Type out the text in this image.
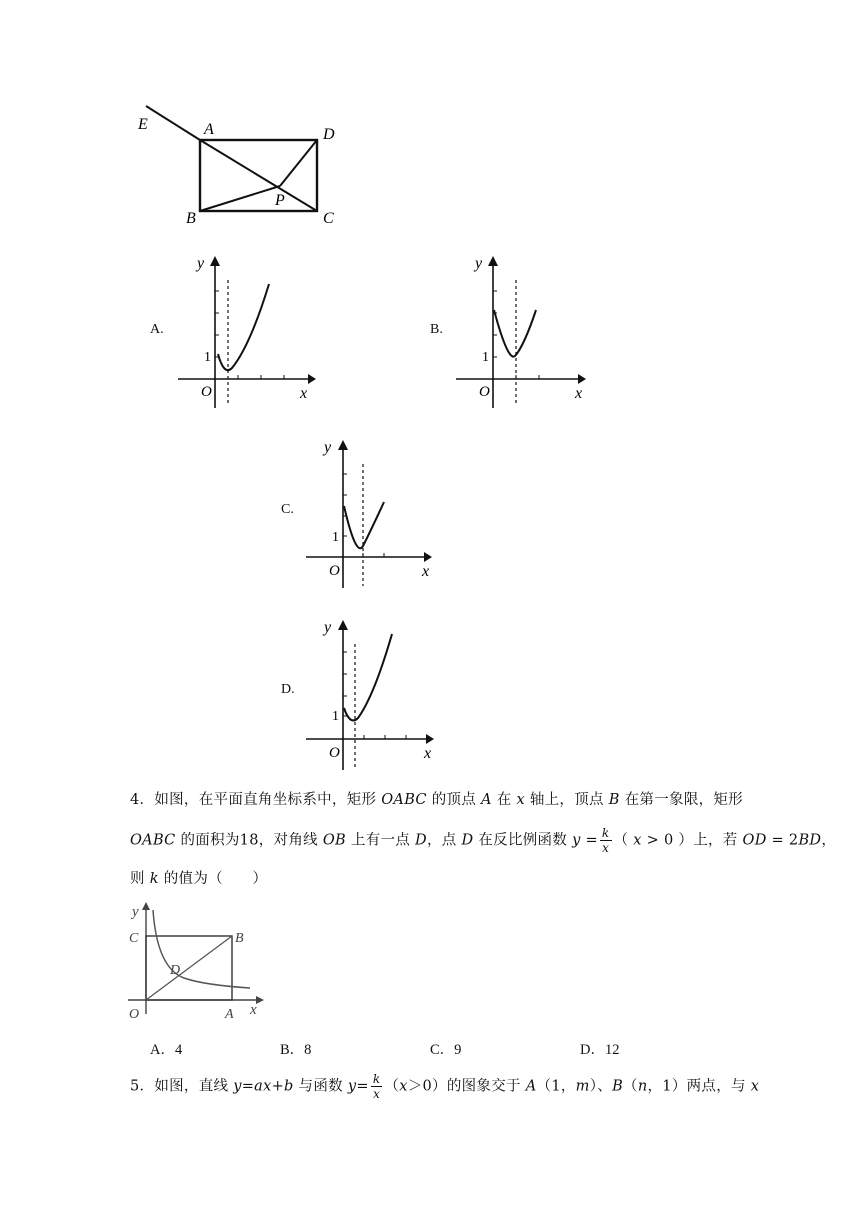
E	A	D
B
P
C
A.
y
x
O
1
B.
y
x
O
1
C.
y
x
O
1
D.
y
x
O
1
4．如图，在平面直角坐标系中，矩形 OABC 的顶点 A 在 x 轴上，顶点 B 在第一象限，矩形
OABC 的面积为18，对角线 OB 上有一点 D，点 D 在反比例函数 $y = \frac{k}{x}$ （ x > 0 ）上，若 OD = 2BD，
则 k 的值为（　　）
y
C	B
D
O	A x
A．4	B．8	C．9	D．12
5．如图，直线 y=ax+b 与函数 $y= \frac{k}{x} (x>0)$的图象交于 A（1，m）、B（n，1）两点，与 x
